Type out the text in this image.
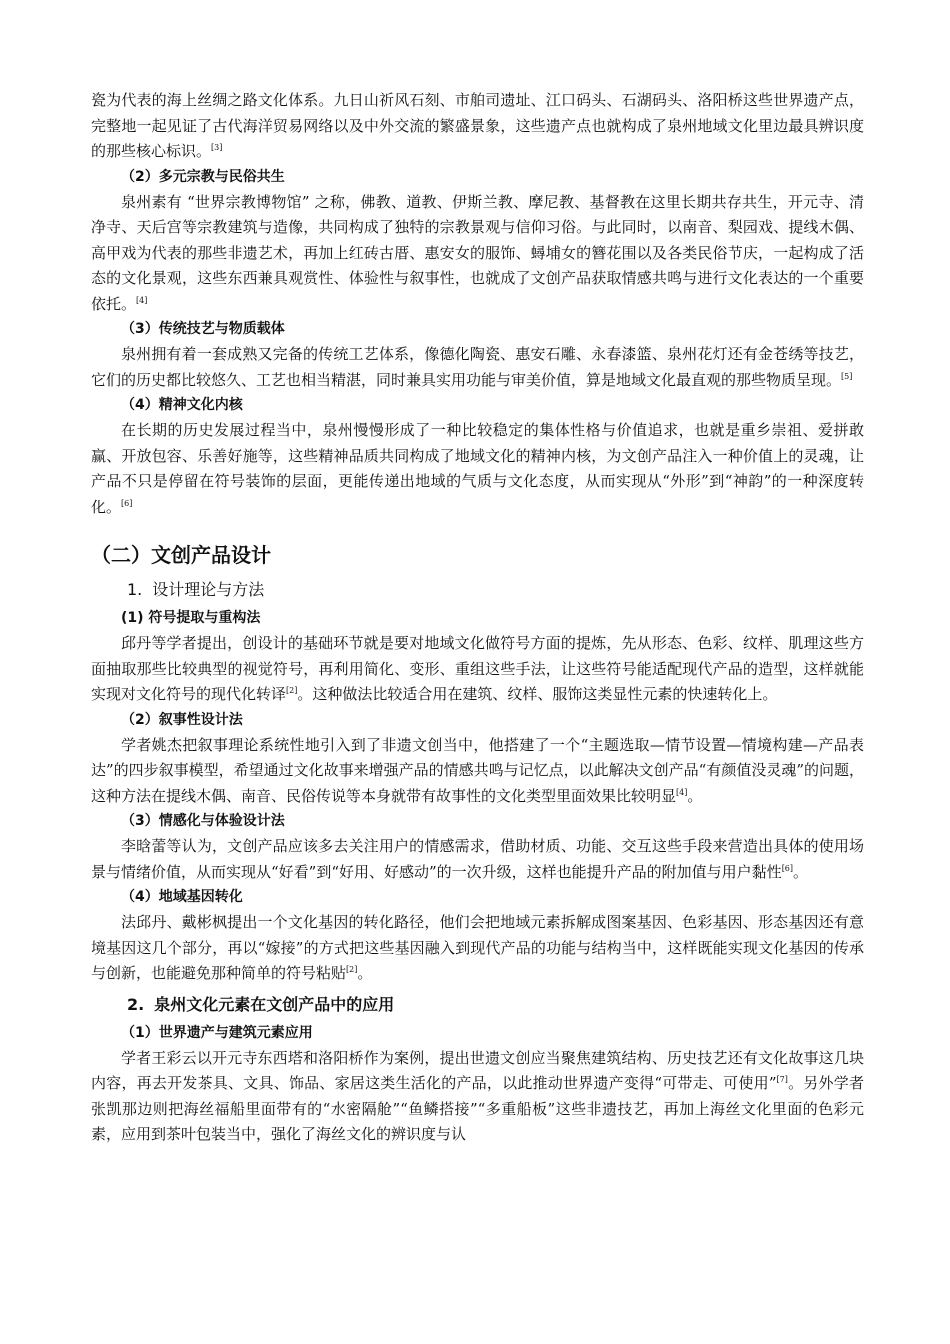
瓷为代表的海上丝绸之路文化体系。九日山祈风石刻、市舶司遗址、江口码头、石湖码头、洛阳桥这些世界遗产点，完整地一起见证了古代海洋贸易网络以及中外交流的繁盛景象，这些遗产点也就构成了泉州地域文化里边最具辨识度的那些核心标识。[3]

（2）多元宗教与民俗共生

泉州素有 “世界宗教博物馆” 之称，佛教、道教、伊斯兰教、摩尼教、基督教在这里长期共存共生，开元寺、清净寺、天后宫等宗教建筑与造像，共同构成了独特的宗教景观与信仰习俗。与此同时，以南音、梨园戏、提线木偶、高甲戏为代表的那些非遗艺术，再加上红砖古厝、惠安女的服饰、蟳埔女的簪花围以及各类民俗节庆，一起构成了活态的文化景观，这些东西兼具观赏性、体验性与叙事性，也就成了文创产品获取情感共鸣与进行文化表达的一个重要依托。[4]

（3）传统技艺与物质载体

泉州拥有着一套成熟又完备的传统工艺体系，像德化陶瓷、惠安石雕、永春漆篮、泉州花灯还有金苍绣等技艺，它们的历史都比较悠久、工艺也相当精湛，同时兼具实用功能与审美价值，算是地域文化最直观的那些物质呈现。[5]

（4）精神文化内核

在长期的历史发展过程当中，泉州慢慢形成了一种比较稳定的集体性格与价值追求，也就是重乡崇祖、爱拼敢赢、开放包容、乐善好施等，这些精神品质共同构成了地域文化的精神内核，为文创产品注入一种价值上的灵魂，让产品不只是停留在符号装饰的层面，更能传递出地域的气质与文化态度，从而实现从“外形”到“神韵”的一种深度转化。[6]

（二）文创产品设计
1. 设计理论与方法
(1) 符号提取与重构法

邱丹等学者提出，创设计的基础环节就是要对地域文化做符号方面的提炼，先从形态、色彩、纹样、肌理这些方面抽取那些比较典型的视觉符号，再利用简化、变形、重组这些手法，让这些符号能适配现代产品的造型，这样就能实现对文化符号的现代化转译[2]。这种做法比较适合用在建筑、纹样、服饰这类显性元素的快速转化上。

（2）叙事性设计法

学者姚杰把叙事理论系统性地引入到了非遗文创当中，他搭建了一个“主题选取—情节设置—情境构建—产品表达”的四步叙事模型，希望通过文化故事来增强产品的情感共鸣与记忆点，以此解决文创产品“有颜值没灵魂”的问题，这种方法在提线木偶、南音、民俗传说等本身就带有故事性的文化类型里面效果比较明显[4]。

（3）情感化与体验设计法

李晗蕾等认为，文创产品应该多去关注用户的情感需求，借助材质、功能、交互这些手段来营造出具体的使用场景与情绪价值，从而实现从“好看”到“好用、好感动”的一次升级，这样也能提升产品的附加值与用户黏性[6]。

（4）地域基因转化

法邱丹、戴彬枫提出一个文化基因的转化路径，他们会把地域元素拆解成图案基因、色彩基因、形态基因还有意境基因这几个部分，再以“嫁接”的方式把这些基因融入到现代产品的功能与结构当中，这样既能实现文化基因的传承与创新，也能避免那种简单的符号粘贴[2]。

2. 泉州文化元素在文创产品中的应用
（1）世界遗产与建筑元素应用

学者王彩云以开元寺东西塔和洛阳桥作为案例，提出世遗文创应当聚焦建筑结构、历史技艺还有文化故事这几块内容，再去开发茶具、文具、饰品、家居这类生活化的产品，以此推动世界遗产变得“可带走、可使用”[7]。另外学者张凯那边则把海丝福船里面带有的“水密隔舱”“鱼鳞搭接”“多重船板”这些非遗技艺，再加上海丝文化里面的色彩元素，应用到茶叶包装当中，强化了海丝文化的辨识度与认
